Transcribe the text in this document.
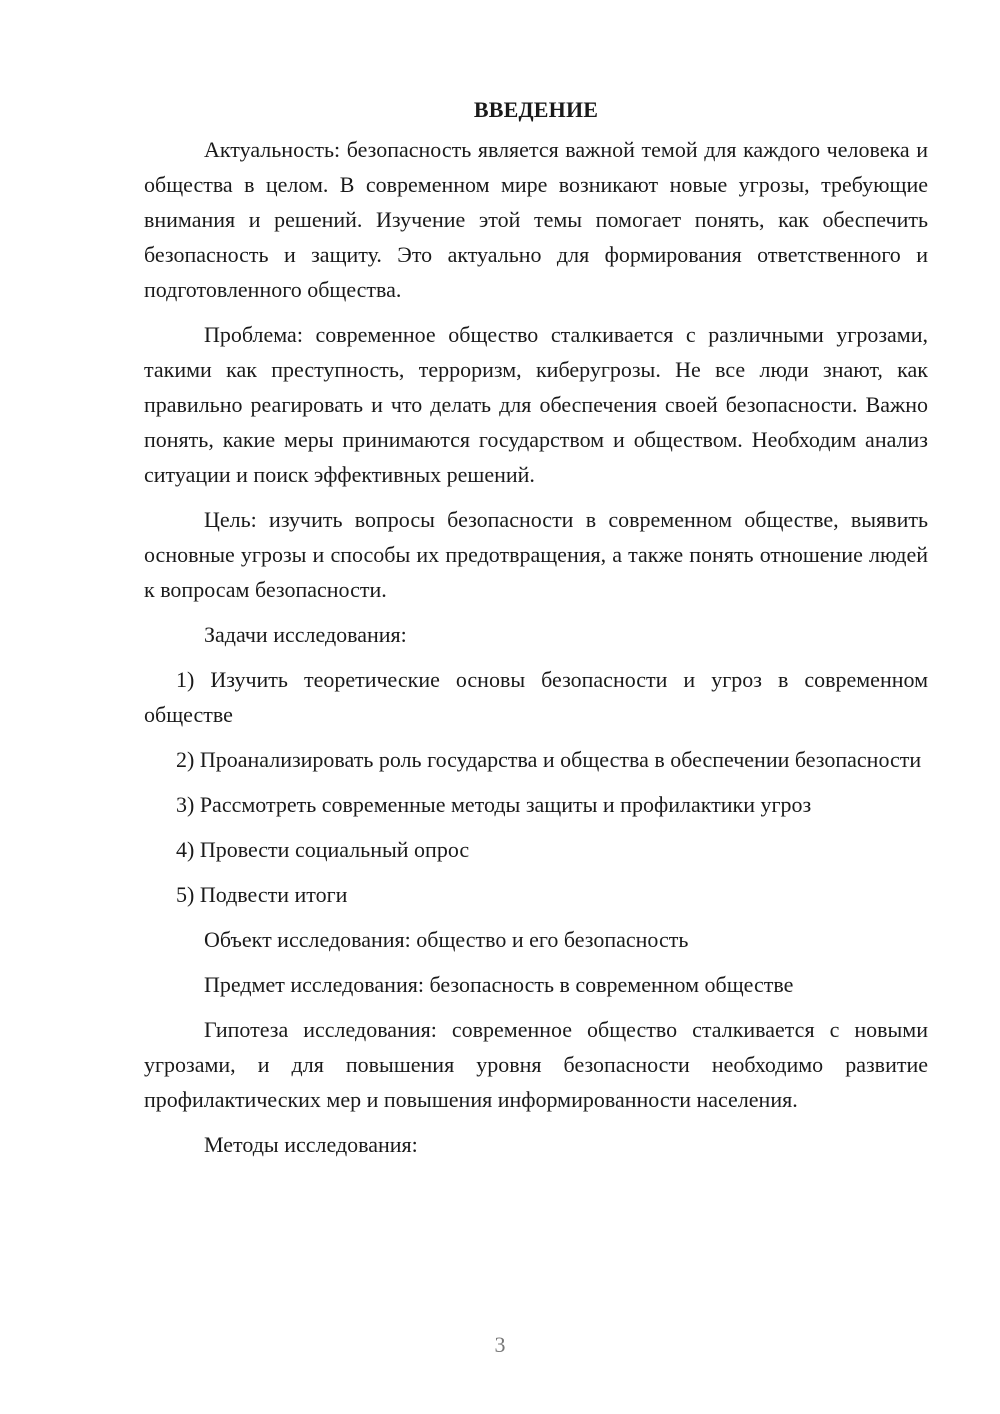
ВВЕДЕНИЕ

Актуальность: безопасность является важной темой для каждого человека и общества в целом. В современном мире возникают новые угрозы, требующие внимания и решений. Изучение этой темы помогает понять, как обеспечить безопасность и защиту. Это актуально для формирования ответственного и подготовленного общества.

Проблема: современное общество сталкивается с различными угрозами, такими как преступность, терроризм, киберугрозы. Не все люди знают, как правильно реагировать и что делать для обеспечения своей безопасности. Важно понять, какие меры принимаются государством и обществом. Необходим анализ ситуации и поиск эффективных решений.

Цель: изучить вопросы безопасности в современном обществе, выявить основные угрозы и способы их предотвращения, а также понять отношение людей к вопросам безопасности.

Задачи исследования:

1) Изучить теоретические основы безопасности и угроз в современном обществе

2) Проанализировать роль государства и общества в обеспечении безопасности

3) Рассмотреть современные методы защиты и профилактики угроз

4) Провести социальный опрос

5) Подвести итоги

Объект исследования: общество и его безопасность

Предмет исследования: безопасность в современном обществе

Гипотеза исследования: современное общество сталкивается с новыми угрозами, и для повышения уровня безопасности необходимо развитие профилактических мер и повышения информированности населения.

Методы исследования:

3
